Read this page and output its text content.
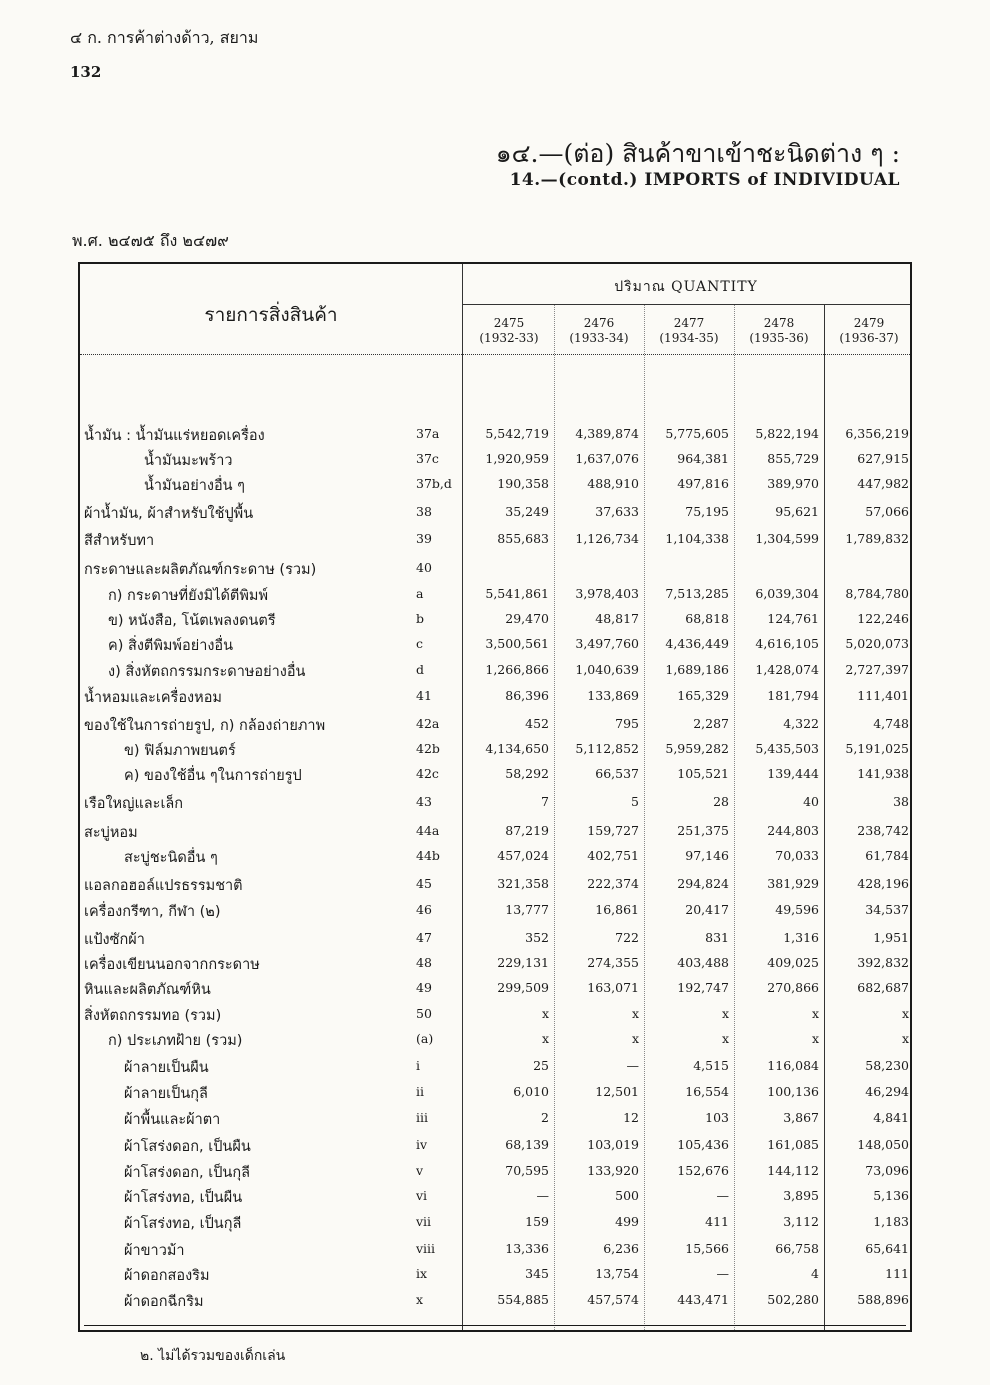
๔ ก. การค้าต่างด้าว, สยาม
132
๑๔.—(ต่อ) สินค้าขาเข้าชะนิดต่าง ๆ :
14.—(contd.) IMPORTS of INDIVIDUAL
พ.ศ. ๒๔๗๕ ถึง ๒๔๗๙
รายการสิ่งสินค้า
ปริมาณ QUANTITY
2475
(1932-33)
2476
(1933-34)
2477
(1934-35)
2478
(1935-36)
2479
(1936-37)
น้ำมัน : น้ำมันแร่หยอดเครื่อง	37a	5,542,719	4,389,874	5,775,605	5,822,194	6,356,219
น้ำมันมะพร้าว	37c	1,920,959	1,637,076	964,381	855,729	627,915
น้ำมันอย่างอื่น ๆ	37b,d	190,358	488,910	497,816	389,970	447,982
ผ้าน้ำมัน, ผ้าสำหรับใช้ปูพื้น	38	35,249	37,633	75,195	95,621	57,066
สีสำหรับทา	39	855,683	1,126,734	1,104,338	1,304,599	1,789,832
กระดาษและผลิตภัณฑ์กระดาษ (รวม)	40
ก) กระดาษที่ยังมิได้ตีพิมพ์	a	5,541,861	3,978,403	7,513,285	6,039,304	8,784,780
ข) หนังสือ, โน้ตเพลงดนตรี	b	29,470	48,817	68,818	124,761	122,246
ค) สิ่งตีพิมพ์อย่างอื่น	c	3,500,561	3,497,760	4,436,449	4,616,105	5,020,073
ง) สิ่งหัตถกรรมกระดาษอย่างอื่น	d	1,266,866	1,040,639	1,689,186	1,428,074	2,727,397
น้ำหอมและเครื่องหอม	41	86,396	133,869	165,329	181,794	111,401
ของใช้ในการถ่ายรูป, ก) กล้องถ่ายภาพ	42a	452	795	2,287	4,322	4,748
ข) ฟิล์มภาพยนตร์	42b	4,134,650	5,112,852	5,959,282	5,435,503	5,191,025
ค) ของใช้อื่น ๆในการถ่ายรูป	42c	58,292	66,537	105,521	139,444	141,938
เรือใหญ่และเล็ก	43	7	5	28	40	38
สะบู่หอม	44a	87,219	159,727	251,375	244,803	238,742
สะบู่ชะนิดอื่น ๆ	44b	457,024	402,751	97,146	70,033	61,784
แอลกอฮอล์แปรธรรมชาติ	45	321,358	222,374	294,824	381,929	428,196
เครื่องกรีฑา, กีฬา (๒)	46	13,777	16,861	20,417	49,596	34,537
แป้งซักผ้า	47	352	722	831	1,316	1,951
เครื่องเขียนนอกจากกระดาษ	48	229,131	274,355	403,488	409,025	392,832
หินและผลิตภัณฑ์หิน	49	299,509	163,071	192,747	270,866	682,687
สิ่งหัตถกรรมทอ (รวม)	50	x	x	x	x	x
ก) ประเภทฝ้าย (รวม)	(a)	x	x	x	x	x
ผ้าลายเป็นผืน	i	25	—	4,515	116,084	58,230
ผ้าลายเป็นกุลี	ii	6,010	12,501	16,554	100,136	46,294
ผ้าพื้นและผ้าตา	iii	2	12	103	3,867	4,841
ผ้าโสร่งดอก, เป็นผืน	iv	68,139	103,019	105,436	161,085	148,050
ผ้าโสร่งดอก, เป็นกุลี	v	70,595	133,920	152,676	144,112	73,096
ผ้าโสร่งทอ, เป็นผืน	vi	—	500	—	3,895	5,136
ผ้าโสร่งทอ, เป็นกุลี	vii	159	499	411	3,112	1,183
ผ้าขาวม้า	viii	13,336	6,236	15,566	66,758	65,641
ผ้าดอกสองริม	ix	345	13,754	—	4	111
ผ้าดอกฉีกริม	x	554,885	457,574	443,471	502,280	588,896
๒. ไม่ได้รวมของเด็กเล่น
